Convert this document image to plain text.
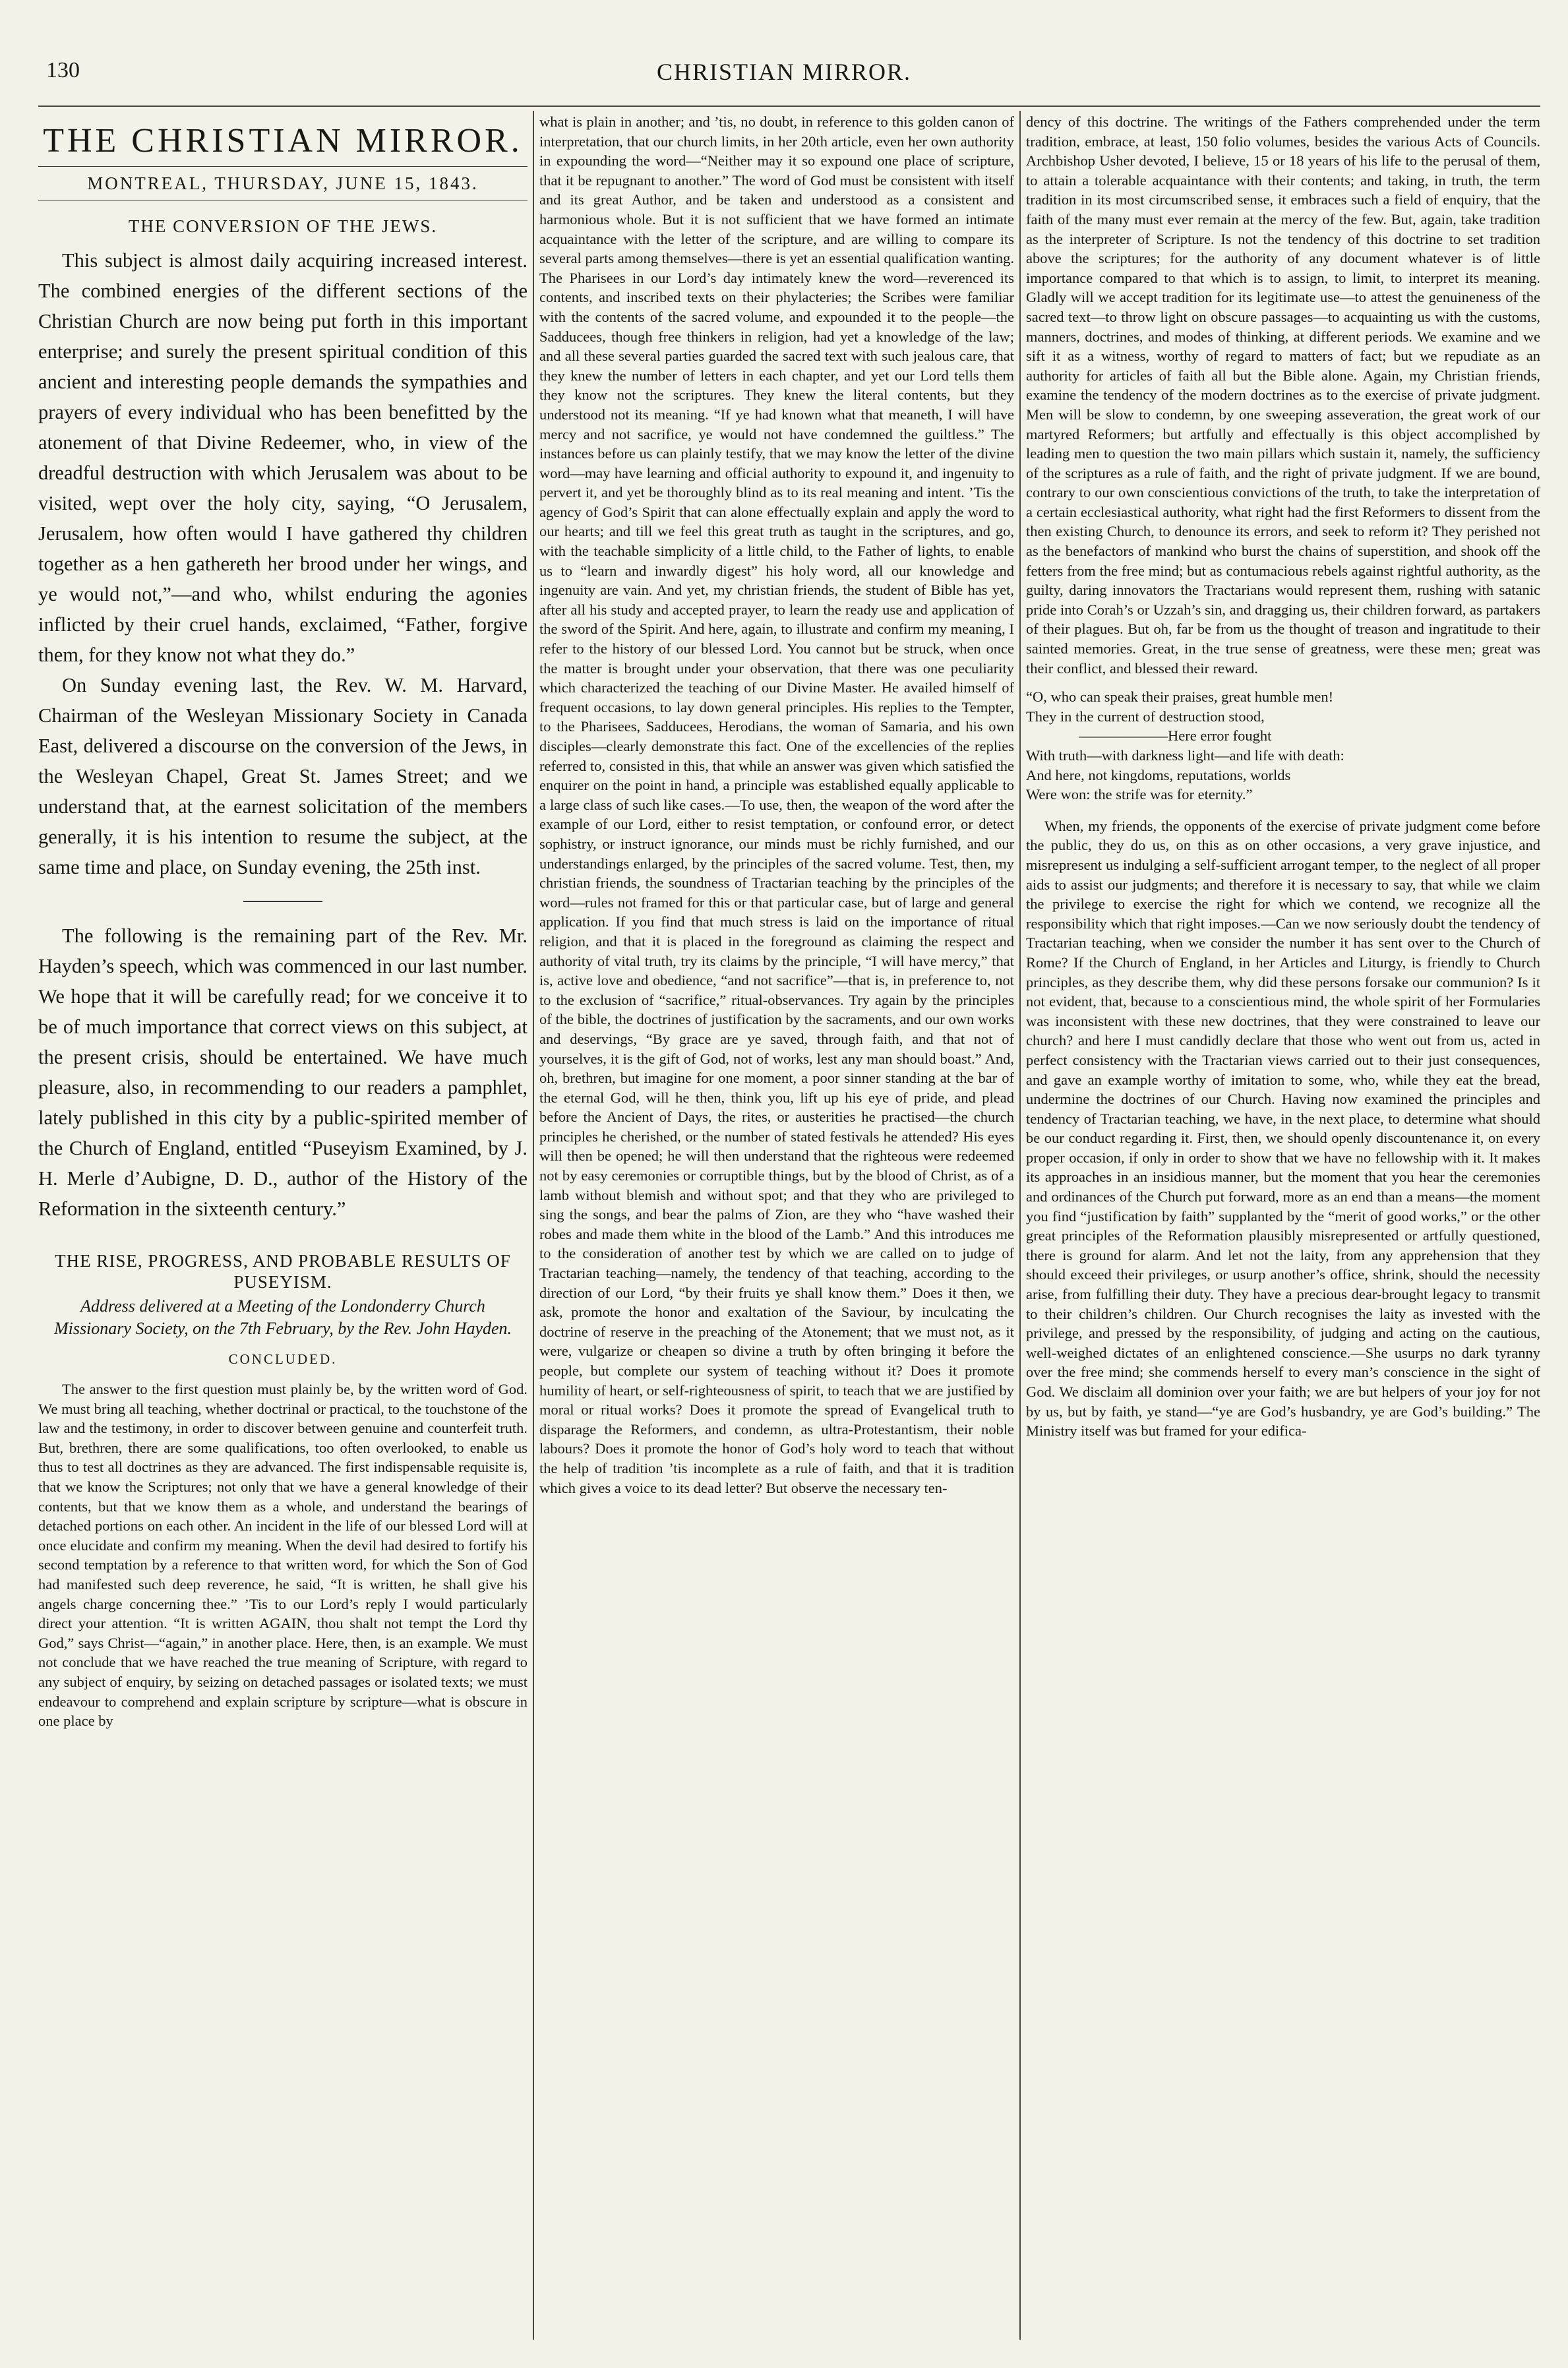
130	CHRISTIAN MIRROR.
THE CHRISTIAN MIRROR.
MONTREAL, THURSDAY, JUNE 15, 1843.
THE CONVERSION OF THE JEWS.

This subject is almost daily acquiring increased interest. The combined energies of the different sections of the Christian Church are now being put forth in this important enterprise; and surely the present spiritual condition of this ancient and interesting people demands the sympathies and prayers of every individual who has been benefitted by the atonement of that Divine Redeemer, who, in view of the dreadful destruction with which Jerusalem was about to be visited, wept over the holy city, saying, “O Jerusalem, Jerusalem, how often would I have gathered thy children together as a hen gathereth her brood under her wings, and ye would not,”—and who, whilst enduring the agonies inflicted by their cruel hands, exclaimed, “Father, forgive them, for they know not what they do.”

On Sunday evening last, the Rev. W. M. Harvard, Chairman of the Wesleyan Missionary Society in Canada East, delivered a discourse on the conversion of the Jews, in the Wesleyan Chapel, Great St. James Street; and we understand that, at the earnest solicitation of the members generally, it is his intention to resume the subject, at the same time and place, on Sunday evening, the 25th inst.

The following is the remaining part of the Rev. Mr. Hayden’s speech, which was commenced in our last number. We hope that it will be carefully read; for we conceive it to be of much importance that correct views on this subject, at the present crisis, should be entertained. We have much pleasure, also, in recommending to our readers a pamphlet, lately published in this city by a public-spirited member of the Church of England, entitled “Puseyism Examined, by J. H. Merle d’Aubigne, D. D., author of the History of the Reformation in the sixteenth century.”

THE RISE, PROGRESS, AND PROBABLE RESULTS OF PUSEYISM.
Address delivered at a Meeting of the Londonderry Church Missionary Society, on the 7th February, by the Rev. John Hayden.
CONCLUDED.

The answer to the first question must plainly be, by the written word of God. We must bring all teaching, whether doctrinal or practical, to the touchstone of the law and the testimony, in order to discover between genuine and counterfeit truth. But, brethren, there are some qualifications, too often overlooked, to enable us thus to test all doctrines as they are advanced. The first indispensable requisite is, that we know the Scriptures; not only that we have a general knowledge of their contents, but that we know them as a whole, and understand the bearings of detached portions on each other. An incident in the life of our blessed Lord will at once elucidate and confirm my meaning. When the devil had desired to fortify his second temptation by a reference to that written word, for which the Son of God had manifested such deep reverence, he said, “It is written, he shall give his angels charge concerning thee.” ’Tis to our Lord’s reply I would particularly direct your attention. “It is written AGAIN, thou shalt not tempt the Lord thy God,” says Christ—“again,” in another place. Here, then, is an example. We must not conclude that we have reached the true meaning of Scripture, with regard to any subject of enquiry, by seizing on detached passages or isolated texts; we must endeavour to comprehend and explain scripture by scripture—what is obscure in one place by

what is plain in another; and ’tis, no doubt, in reference to this golden canon of interpretation, that our church limits, in her 20th article, even her own authority in expounding the word—“Neither may it so expound one place of scripture, that it be repugnant to another.” The word of God must be consistent with itself and its great Author, and be taken and understood as a consistent and harmonious whole. But it is not sufficient that we have formed an intimate acquaintance with the letter of the scripture, and are willing to compare its several parts among themselves—there is yet an essential qualification wanting. The Pharisees in our Lord’s day intimately knew the word—reverenced its contents, and inscribed texts on their phylacteries; the Scribes were familiar with the contents of the sacred volume, and expounded it to the people—the Sadducees, though free thinkers in religion, had yet a knowledge of the law; and all these several parties guarded the sacred text with such jealous care, that they knew the number of letters in each chapter, and yet our Lord tells them they know not the scriptures. They knew the literal contents, but they understood not its meaning. “If ye had known what that meaneth, I will have mercy and not sacrifice, ye would not have condemned the guiltless.” The instances before us can plainly testify, that we may know the letter of the divine word—may have learning and official authority to expound it, and ingenuity to pervert it, and yet be thoroughly blind as to its real meaning and intent. ’Tis the agency of God’s Spirit that can alone effectually explain and apply the word to our hearts; and till we feel this great truth as taught in the scriptures, and go, with the teachable simplicity of a little child, to the Father of lights, to enable us to “learn and inwardly digest” his holy word, all our knowledge and ingenuity are vain. And yet, my christian friends, the student of Bible has yet, after all his study and accepted prayer, to learn the ready use and application of the sword of the Spirit. And here, again, to illustrate and confirm my meaning, I refer to the history of our blessed Lord. You cannot but be struck, when once the matter is brought under your observation, that there was one peculiarity which characterized the teaching of our Divine Master. He availed himself of frequent occasions, to lay down general principles. His replies to the Tempter, to the Pharisees, Sadducees, Herodians, the woman of Samaria, and his own disciples—clearly demonstrate this fact. One of the excellencies of the replies referred to, consisted in this, that while an answer was given which satisfied the enquirer on the point in hand, a principle was established equally applicable to a large class of such like cases.—To use, then, the weapon of the word after the example of our Lord, either to resist temptation, or confound error, or detect sophistry, or instruct ignorance, our minds must be richly furnished, and our understandings enlarged, by the principles of the sacred volume. Test, then, my christian friends, the soundness of Tractarian teaching by the principles of the word—rules not framed for this or that particular case, but of large and general application. If you find that much stress is laid on the importance of ritual religion, and that it is placed in the foreground as claiming the respect and authority of vital truth, try its claims by the principle, “I will have mercy,” that is, active love and obedience, “and not sacrifice”—that is, in preference to, not to the exclusion of “sacrifice,” ritual-observances. Try again by the principles of the bible, the doctrines of justification by the sacraments, and our own works and deservings, “By grace are ye saved, through faith, and that not of yourselves, it is the gift of God, not of works, lest any man should boast.” And, oh, brethren, but imagine for one moment, a poor sinner standing at the bar of the eternal God, will he then, think you, lift up his eye of pride, and plead before the Ancient of Days, the rites, or austerities he practised—the church principles he cherished, or the number of stated festivals he attended? His eyes will then be opened; he will then understand that the righteous were redeemed not by easy ceremonies or corruptible things, but by the blood of Christ, as of a lamb without blemish and without spot; and that they who are privileged to sing the songs, and bear the palms of Zion, are they who “have washed their robes and made them white in the blood of the Lamb.” And this introduces me to the consideration of another test by which we are called on to judge of Tractarian teaching—namely, the tendency of that teaching, according to the direction of our Lord, “by their fruits ye shall know them.” Does it then, we ask, promote the honor and exaltation of the Saviour, by inculcating the doctrine of reserve in the preaching of the Atonement; that we must not, as it were, vulgarize or cheapen so divine a truth by often bringing it before the people, but complete our system of teaching without it? Does it promote humility of heart, or self-righteousness of spirit, to teach that we are justified by moral or ritual works? Does it promote the spread of Evangelical truth to disparage the Reformers, and condemn, as ultra-Protestantism, their noble labours? Does it promote the honor of God’s holy word to teach that without the help of tradition ’tis incomplete as a rule of faith, and that it is tradition which gives a voice to its dead letter? But observe the necessary ten-

dency of this doctrine. The writings of the Fathers comprehended under the term tradition, embrace, at least, 150 folio volumes, besides the various Acts of Councils. Archbishop Usher devoted, I believe, 15 or 18 years of his life to the perusal of them, to attain a tolerable acquaintance with their contents; and taking, in truth, the term tradition in its most circumscribed sense, it embraces such a field of enquiry, that the faith of the many must ever remain at the mercy of the few. But, again, take tradition as the interpreter of Scripture. Is not the tendency of this doctrine to set tradition above the scriptures; for the authority of any document whatever is of little importance compared to that which is to assign, to limit, to interpret its meaning. Gladly will we accept tradition for its legitimate use—to attest the genuineness of the sacred text—to throw light on obscure passages—to acquainting us with the customs, manners, doctrines, and modes of thinking, at different periods. We examine and we sift it as a witness, worthy of regard to matters of fact; but we repudiate as an authority for articles of faith all but the Bible alone. Again, my Christian friends, examine the tendency of the modern doctrines as to the exercise of private judgment. Men will be slow to condemn, by one sweeping asseveration, the great work of our martyred Reformers; but artfully and effectually is this object accomplished by leading men to question the two main pillars which sustain it, namely, the sufficiency of the scriptures as a rule of faith, and the right of private judgment. If we are bound, contrary to our own conscientious convictions of the truth, to take the interpretation of a certain ecclesiastical authority, what right had the first Reformers to dissent from the then existing Church, to denounce its errors, and seek to reform it? They perished not as the benefactors of mankind who burst the chains of superstition, and shook off the fetters from the free mind; but as contumacious rebels against rightful authority, as the guilty, daring innovators the Tractarians would represent them, rushing with satanic pride into Corah’s or Uzzah’s sin, and dragging us, their children forward, as partakers of their plagues. But oh, far be from us the thought of treason and ingratitude to their sainted memories. Great, in the true sense of greatness, were these men; great was their conflict, and blessed their reward.

“O, who can speak their praises, great humble men!
They in the current of destruction stood,
——————Here error fought
With truth—with darkness light—and life with death:
And here, not kingdoms, reputations, worlds
Were won: the strife was for eternity.”

When, my friends, the opponents of the exercise of private judgment come before the public, they do us, on this as on other occasions, a very grave injustice, and misrepresent us indulging a self-sufficient arrogant temper, to the neglect of all proper aids to assist our judgments; and therefore it is necessary to say, that while we claim the privilege to exercise the right for which we contend, we recognize all the responsibility which that right imposes.—Can we now seriously doubt the tendency of Tractarian teaching, when we consider the number it has sent over to the Church of Rome? If the Church of England, in her Articles and Liturgy, is friendly to Church principles, as they describe them, why did these persons forsake our communion? Is it not evident, that, because to a conscientious mind, the whole spirit of her Formularies was inconsistent with these new doctrines, that they were constrained to leave our church? and here I must candidly declare that those who went out from us, acted in perfect consistency with the Tractarian views carried out to their just consequences, and gave an example worthy of imitation to some, who, while they eat the bread, undermine the doctrines of our Church. Having now examined the principles and tendency of Tractarian teaching, we have, in the next place, to determine what should be our conduct regarding it. First, then, we should openly discountenance it, on every proper occasion, if only in order to show that we have no fellowship with it. It makes its approaches in an insidious manner, but the moment that you hear the ceremonies and ordinances of the Church put forward, more as an end than a means—the moment you find “justification by faith” supplanted by the “merit of good works,” or the other great principles of the Reformation plausibly misrepresented or artfully questioned, there is ground for alarm. And let not the laity, from any apprehension that they should exceed their privileges, or usurp another’s office, shrink, should the necessity arise, from fulfilling their duty. They have a precious dear-brought legacy to transmit to their children’s children. Our Church recognises the laity as invested with the privilege, and pressed by the responsibility, of judging and acting on the cautious, well-weighed dictates of an enlightened conscience.—She usurps no dark tyranny over the free mind; she commends herself to every man’s conscience in the sight of God. We disclaim all dominion over your faith; we are but helpers of your joy for not by us, but by faith, ye stand—“ye are God’s husbandry, ye are God’s building.” The Ministry itself was but framed for your edifica-
